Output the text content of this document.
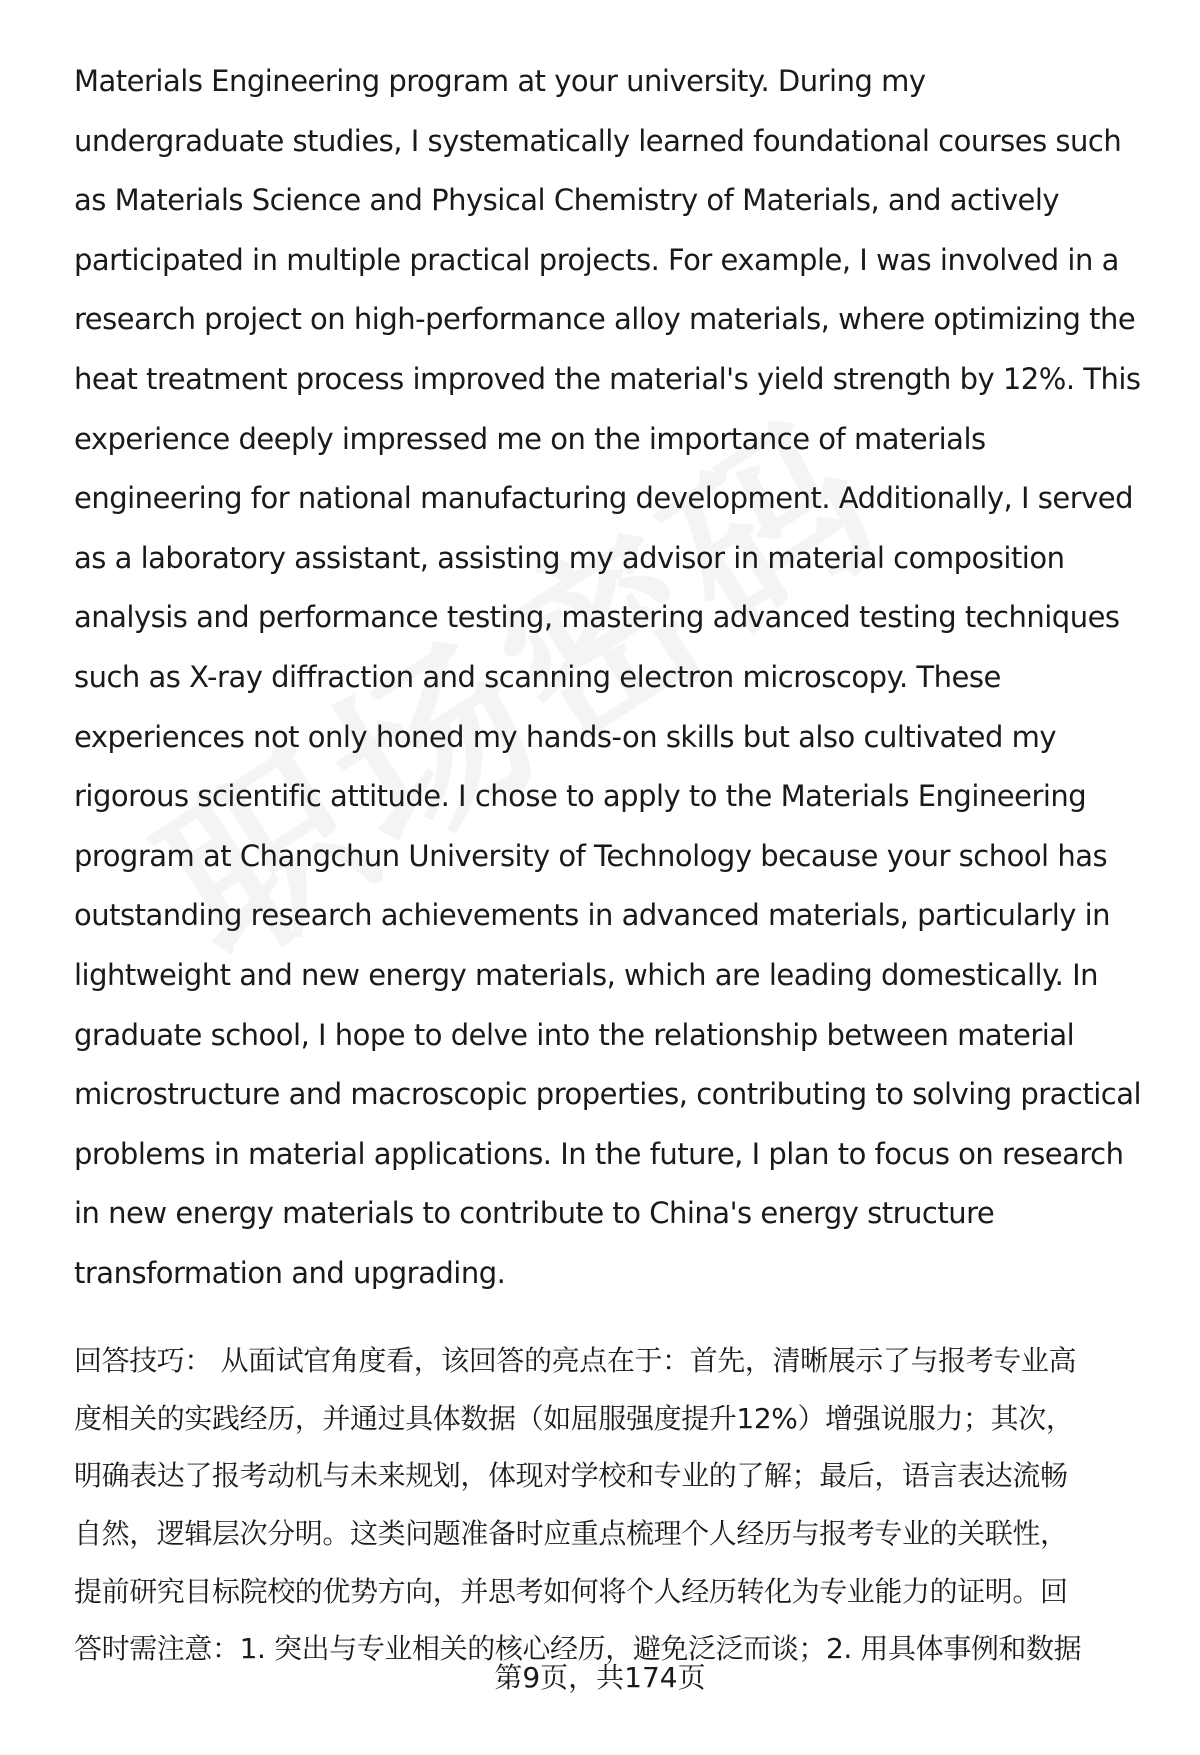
Materials Engineering program at your university. During my
undergraduate studies, I systematically learned foundational courses such
as Materials Science and Physical Chemistry of Materials, and actively
participated in multiple practical projects. For example, I was involved in a
research project on high-performance alloy materials, where optimizing the
heat treatment process improved the material's yield strength by 12%. This
experience deeply impressed me on the importance of materials
engineering for national manufacturing development. Additionally, I served
as a laboratory assistant, assisting my advisor in material composition
analysis and performance testing, mastering advanced testing techniques
such as X-ray diffraction and scanning electron microscopy. These
experiences not only honed my hands-on skills but also cultivated my
rigorous scientific attitude. I chose to apply to the Materials Engineering
program at Changchun University of Technology because your school has
outstanding research achievements in advanced materials, particularly in
lightweight and new energy materials, which are leading domestically. In
graduate school, I hope to delve into the relationship between material
microstructure and macroscopic properties, contributing to solving practical
problems in material applications. In the future, I plan to focus on research
in new energy materials to contribute to China's energy structure
transformation and upgrading.
回答技巧： 从面试官角度看，该回答的亮点在于：首先，清晰展示了与报考专业高
度相关的实践经历，并通过具体数据（如屈服强度提升12%）增强说服力；其次，
明确表达了报考动机与未来规划，体现对学校和专业的了解；最后，语言表达流畅
自然，逻辑层次分明。这类问题准备时应重点梳理个人经历与报考专业的关联性，
提前研究目标院校的优势方向，并思考如何将个人经历转化为专业能力的证明。回
答时需注意：1. 突出与专业相关的核心经历，避免泛泛而谈；2. 用具体事例和数据
第9页，共174页
